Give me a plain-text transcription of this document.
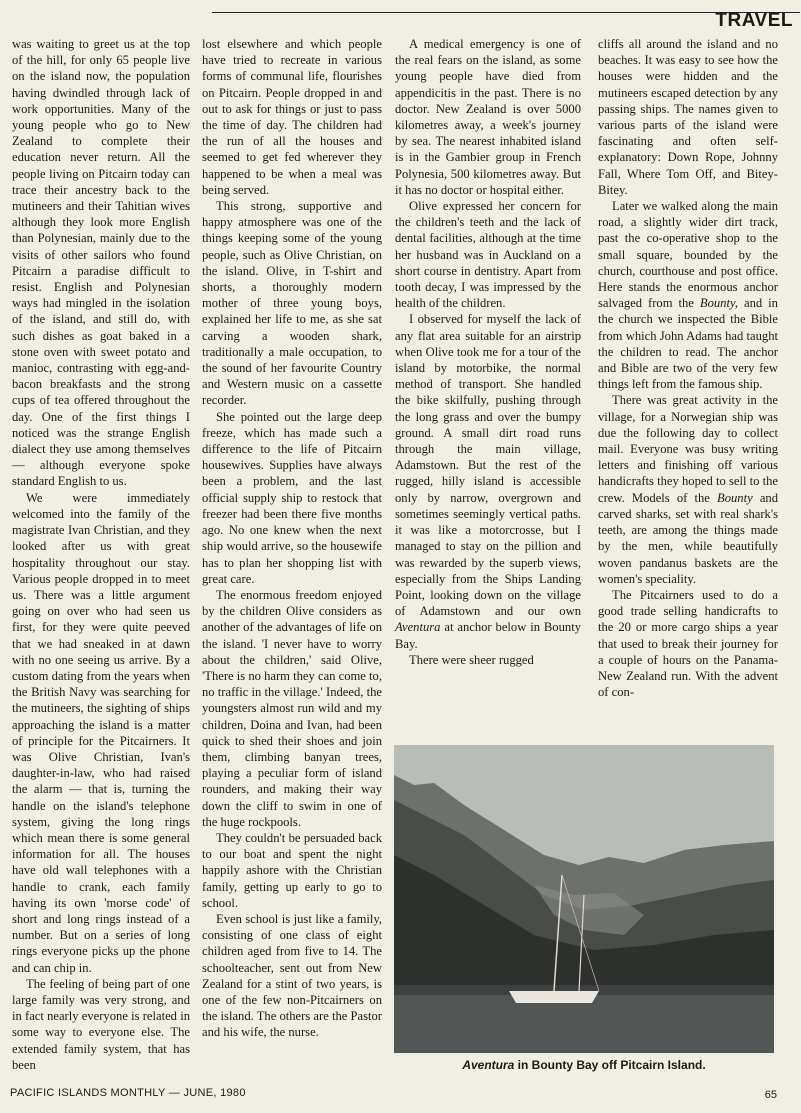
TRAVEL

was waiting to greet us at the top of the hill, for only 65 people live on the island now, the population having dwindled through lack of work opportunities. Many of the young people who go to New Zealand to complete their education never return. All the people living on Pitcairn today can trace their ancestry back to the mutineers and their Tahitian wives although they look more English than Polynesian, mainly due to the visits of other sailors who found Pitcairn a paradise difficult to resist. English and Polynesian ways had mingled in the isolation of the island, and still do, with such dishes as goat baked in a stone oven with sweet potato and manioc, contrasting with egg-and-bacon breakfasts and the strong cups of tea offered throughout the day. One of the first things I noticed was the strange English dialect they use among themselves — although everyone spoke standard English to us.

We were immediately welcomed into the family of the magistrate Ivan Christian, and they looked after us with great hospitality throughout our stay. Various people dropped in to meet us. There was a little argument going on over who had seen us first, for they were quite peeved that we had sneaked in at dawn with no one seeing us arrive. By a custom dating from the years when the British Navy was searching for the mutineers, the sighting of ships approaching the island is a matter of principle for the Pitcairners. It was Olive Christian, Ivan's daughter-in-law, who had raised the alarm — that is, turning the handle on the island's telephone system, giving the long rings which mean there is some general information for all. The houses have old wall telephones with a handle to crank, each family having its own 'morse code' of short and long rings instead of a number. But on a series of long rings everyone picks up the phone and can chip in.

The feeling of being part of one large family was very strong, and in fact nearly everyone is related in some way to everyone else. The extended family system, that has been

lost elsewhere and which people have tried to recreate in various forms of communal life, flourishes on Pitcairn. People dropped in and out to ask for things or just to pass the time of day. The children had the run of all the houses and seemed to get fed wherever they happened to be when a meal was being served.

This strong, supportive and happy atmosphere was one of the things keeping some of the young people, such as Olive Christian, on the island. Olive, in T-shirt and shorts, a thoroughly modern mother of three young boys, explained her life to me, as she sat carving a wooden shark, traditionally a male occupation, to the sound of her favourite Country and Western music on a cassette recorder.

She pointed out the large deep freeze, which has made such a difference to the life of Pitcairn housewives. Supplies have always been a problem, and the last official supply ship to restock that freezer had been there five months ago. No one knew when the next ship would arrive, so the housewife has to plan her shopping list with great care.

The enormous freedom enjoyed by the children Olive considers as another of the advantages of life on the island. 'I never have to worry about the children,' said Olive, 'There is no harm they can come to, no traffic in the village.' Indeed, the youngsters almost run wild and my children, Doina and Ivan, had been quick to shed their shoes and join them, climbing banyan trees, playing a peculiar form of island rounders, and making their way down the cliff to swim in one of the huge rockpools.

They couldn't be persuaded back to our boat and spent the night happily ashore with the Christian family, getting up early to go to school.

Even school is just like a family, consisting of one class of eight children aged from five to 14. The schoolteacher, sent out from New Zealand for a stint of two years, is one of the few non-Pitcairners on the island. The others are the Pastor and his wife, the nurse.

A medical emergency is one of the real fears on the island, as some young people have died from appendicitis in the past. There is no doctor. New Zealand is over 5000 kilometres away, a week's journey by sea. The nearest inhabited island is in the Gambier group in French Polynesia, 500 kilometres away. But it has no doctor or hospital either.

Olive expressed her concern for the children's teeth and the lack of dental facilities, although at the time her husband was in Auckland on a short course in dentistry. Apart from tooth decay, I was impressed by the health of the children.

I observed for myself the lack of any flat area suitable for an airstrip when Olive took me for a tour of the island by motorbike, the normal method of transport. She handled the bike skilfully, pushing through the long grass and over the bumpy ground. A small dirt road runs through the main village, Adamstown. But the rest of the rugged, hilly island is accessible only by narrow, overgrown and sometimes seemingly vertical paths. it was like a motorcrosse, but I managed to stay on the pillion and was rewarded by the superb views, especially from the Ships Landing Point, looking down on the village of Adamstown and our own Aventura at anchor below in Bounty Bay.

There were sheer rugged

cliffs all around the island and no beaches. It was easy to see how the houses were hidden and the mutineers escaped detection by any passing ships. The names given to various parts of the island were fascinating and often self-explanatory: Down Rope, Johnny Fall, Where Tom Off, and Bitey-Bitey.

Later we walked along the main road, a slightly wider dirt track, past the co-operative shop to the small square, bounded by the church, courthouse and post office. Here stands the enormous anchor salvaged from the Bounty, and in the church we inspected the Bible from which John Adams had taught the children to read. The anchor and Bible are two of the very few things left from the famous ship.

There was great activity in the village, for a Norwegian ship was due the following day to collect mail. Everyone was busy writing letters and finishing off various handicrafts they hoped to sell to the crew. Models of the Bounty and carved sharks, set with real shark's teeth, are among the things made by the men, while beautifully woven pandanus baskets are the women's speciality.

The Pitcairners used to do a good trade selling handicrafts to the 20 or more cargo ships a year that used to break their journey for a couple of hours on the Panama-New Zealand run. With the advent of con-

Aventura in Bounty Bay off Pitcairn Island.
PACIFIC ISLANDS MONTHLY — JUNE, 1980	65
